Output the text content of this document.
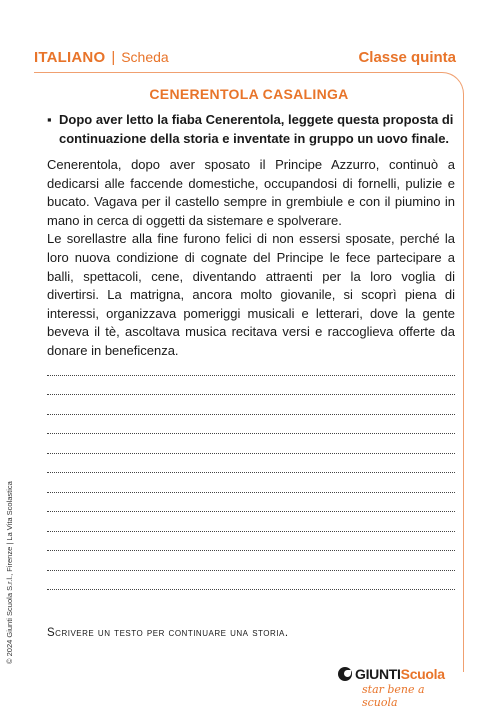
ITALIANO | Scheda	Classe quinta
CENERENTOLA CASALINGA
▪ Dopo aver letto la fiaba Cenerentola, leggete questa proposta di continuazione della storia e inventate in gruppo un uovo finale.

Cenerentola, dopo aver sposato il Principe Azzurro, continuò a dedicarsi alle faccende domestiche, occupandosi di fornelli, pulizie e bucato. Vagava per il castello sempre in grembiule e con il piumino in mano in cerca di oggetti da sistemare e spolverare.

Le sorellastre alla fine furono felici di non essersi sposate, perché la loro nuova condizione di cognate del Principe le fece partecipare a balli, spettacoli, cene, diventando attraenti per la loro voglia di divertirsi. La matrigna, ancora molto giovanile, si scoprì piena di interessi, organizzava pomeriggi musicali e letterari, dove la gente beveva il tè, ascoltava musica recitava versi e raccoglieva offerte da donare in beneficenza.

Scrivere un testo per continuare una storia.
© 2024 Giunti Scuola S.r.l., Firenze | La Vita Scolastica
GIUNTI Scuola
star bene a scuola
